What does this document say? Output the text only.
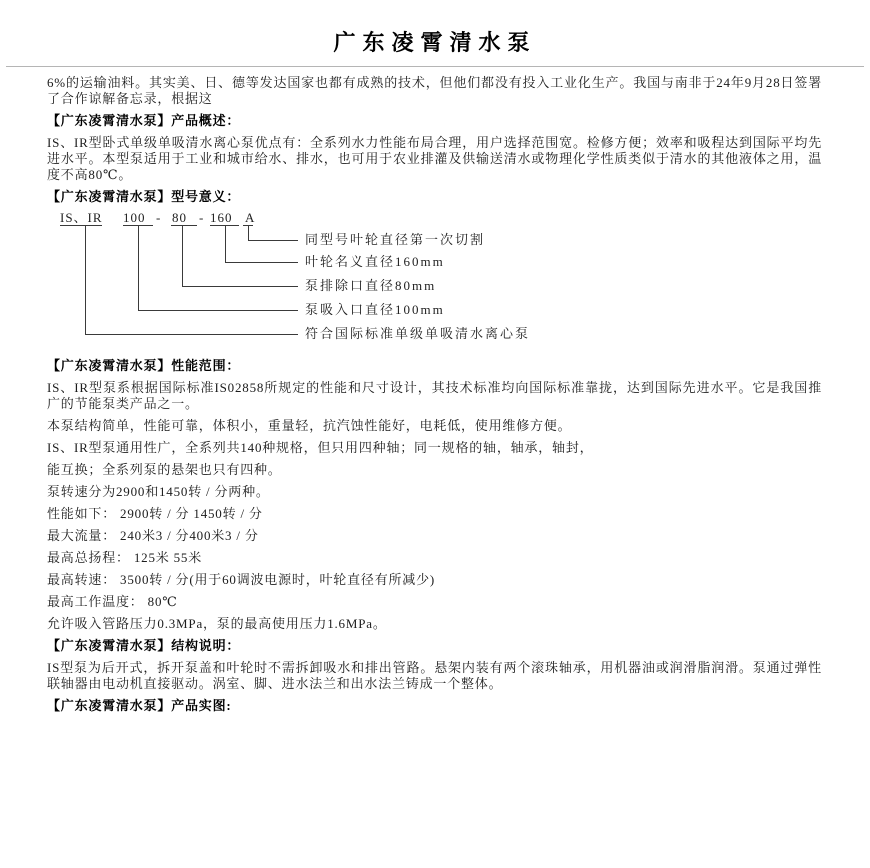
广东凌霄清水泵

6%的运输油料。其实美、日、德等发达国家也都有成熟的技术，但他们都没有投入工业化生产。我国与南非于24年9月28日签署了合作谅解备忘录，根据这

【广东凌霄清水泵】产品概述：

IS、IR型卧式单级单吸清水离心泵优点有：全系列水力性能布局合理，用户选择范围宽。检修方便；效率和吸程达到国际平均先进水平。本型泵适用于工业和城市给水、排水，也可用于农业排灌及供输送清水或物理化学性质类似于清水的其他液体之用，温度不高80℃。

【广东凌霄清水泵】型号意义：

IS、IR 100 - 80 - 160 A
同型号叶轮直径第一次切割
叶轮名义直径160mm
泵排除口直径80mm
泵吸入口直径100mm
符合国际标准单级单吸清水离心泵

【广东凌霄清水泵】性能范围：

IS、IR型泵系根据国际标准IS02858所规定的性能和尺寸设计，其技术标准均向国际标准靠拢，达到国际先进水平。它是我国推广的节能泵类产品之一。

本泵结构简单，性能可靠，体积小，重量轻，抗汽蚀性能好，电耗低，使用维修方便。

IS、IR型泵通用性广，全系列共140种规格，但只用四种轴；同一规格的轴，轴承，轴封，

能互换；全系列泵的悬架也只有四种。

泵转速分为2900和1450转 / 分两种。

性能如下： 2900转 / 分 1450转 / 分

最大流量： 240米3 / 分400米3 / 分

最高总扬程： 125米 55米

最高转速： 3500转 / 分(用于60调波电源时，叶轮直径有所减少)

最高工作温度： 80℃

允许吸入管路压力0.3MPa，泵的最高使用压力1.6MPa。

【广东凌霄清水泵】结构说明：

IS型泵为后开式，拆开泵盖和叶轮时不需拆卸吸水和排出管路。悬架内装有两个滚珠轴承，用机器油或润滑脂润滑。泵通过弹性联轴器由电动机直接驱动。涡室、脚、进水法兰和出水法兰铸成一个整体。

【广东凌霄清水泵】产品实图:
